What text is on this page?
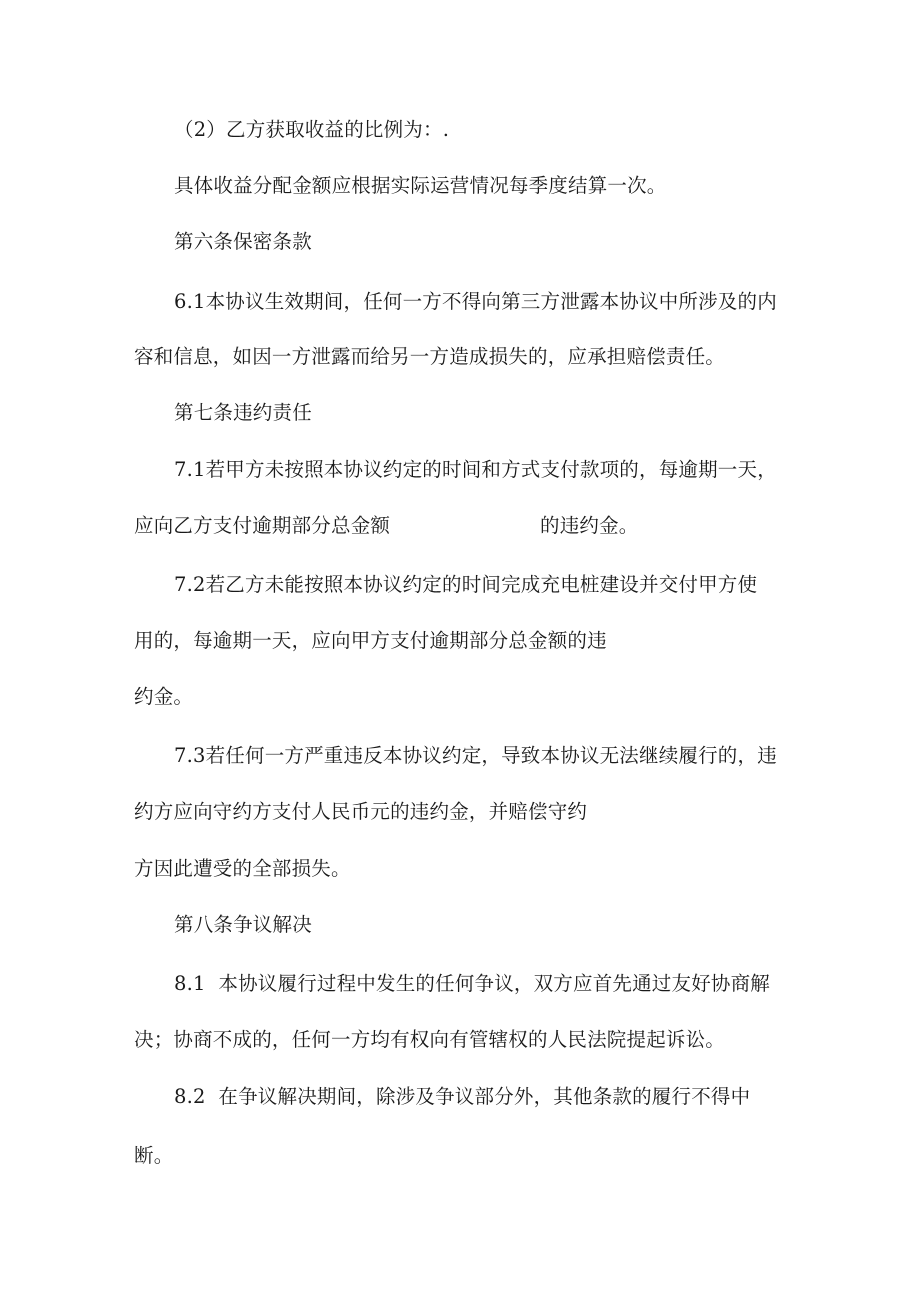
（2）乙方获取收益的比例为：.
具体收益分配金额应根据实际运营情况每季度结算一次。
第六条保密条款
6.1本协议生效期间，任何一方不得向第三方泄露本协议中所涉及的内
容和信息，如因一方泄露而给另一方造成损失的，应承担赔偿责任。
第七条违约责任
7.1若甲方未按照本协议约定的时间和方式支付款项的，每逾期一天，
应向乙方支付逾期部分总金额	的违约金。
7.2若乙方未能按照本协议约定的时间完成充电桩建设并交付甲方使
用的，每逾期一天，应向甲方支付逾期部分总金额的违
约金。
7.3若任何一方严重违反本协议约定，导致本协议无法继续履行的，违
约方应向守约方支付人民币元的违约金，并赔偿守约
方因此遭受的全部损失。
第八条争议解决
8.1  本协议履行过程中发生的任何争议，双方应首先通过友好协商解
决；协商不成的，任何一方均有权向有管辖权的人民法院提起诉讼。
8.2  在争议解决期间，除涉及争议部分外，其他条款的履行不得中
断。
